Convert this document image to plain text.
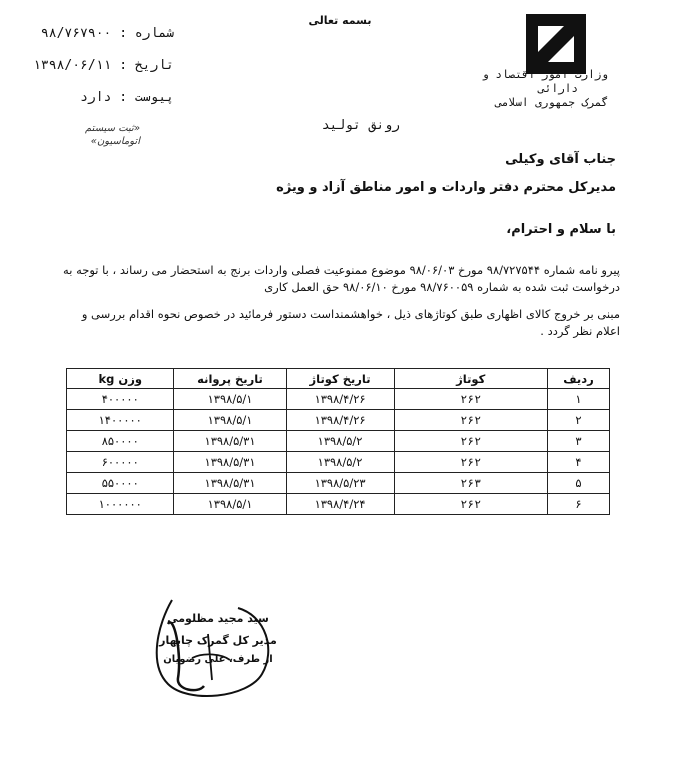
بسمه تعالی
وزارت امور اقتصاد و
دارائی
گمرک جمهوری اسلامی
شماره : ۹۸/۷۶۷۹۰۰
تاریخ : ۱۳۹۸/۰۶/۱۱
پیوست : دارد
«ثبت سیستم
اتوماسیون»
رونق تولید
جناب آقای وکیلی
مدیرکل محترم دفتر واردات و امور مناطق آزاد و ویژه
با سلام و احترام،
پیرو نامه شماره ۹۸/۷۲۷۵۴۴ مورخ ۹۸/۰۶/۰۳ موضوع ممنوعیت فصلی واردات برنج به استحضار می رساند ، با توجه به درخواست ثبت شده به شماره ۹۸/۷۶۰۰۵۹ مورخ ۹۸/۰۶/۱۰ حق العمل کاری
مبنی بر خروج کالای اظهاری طبق کوتاژهای ذیل ، خواهشمنداست دستور فرمائید در خصوص نحوه اقدام بررسی و اعلام نظر گردد .
ردیف	کوتاژ	تاریخ کوتاژ	تاریخ پروانه	وزن kg
۱	۲۶۲	۱۳۹۸/۴/۲۶	۱۳۹۸/۵/۱	۴۰۰۰۰۰
۲	۲۶۲	۱۳۹۸/۴/۲۶	۱۳۹۸/۵/۱	۱۴۰۰۰۰۰
۳	۲۶۲	۱۳۹۸/۵/۲	۱۳۹۸/۵/۳۱	۸۵۰۰۰۰
۴	۲۶۲	۱۳۹۸/۵/۲	۱۳۹۸/۵/۳۱	۶۰۰۰۰۰
۵	۲۶۳	۱۳۹۸/۵/۲۳	۱۳۹۸/۵/۳۱	۵۵۰۰۰۰
۶	۲۶۲	۱۳۹۸/۴/۲۴	۱۳۹۸/۵/۱	۱۰۰۰۰۰۰
سید مجید مظلومی
مدیر کل گمرک چابهار
از طرف، علی رضویان
